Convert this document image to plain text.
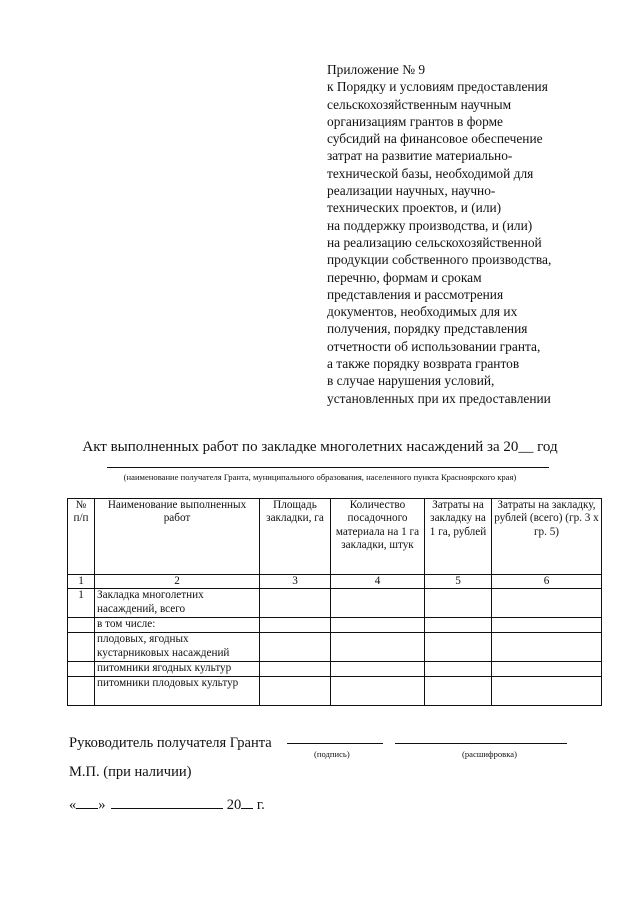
Приложение № 9
к Порядку и условиям предоставления
сельскохозяйственным научным
организациям грантов в форме
субсидий на финансовое обеспечение
затрат на развитие материально-
технической базы, необходимой для
реализации научных, научно-
технических проектов, и (или)
на поддержку производства, и (или)
на реализацию сельскохозяйственной
продукции собственного производства,
перечню, формам и срокам
представления и рассмотрения
документов, необходимых для их
получения, порядку представления
отчетности об использовании гранта,
а также порядку возврата грантов
в случае нарушения условий,
установленных при их предоставлении
Акт выполненных работ по закладке многолетних насаждений за 20__ год
(наименование получателя Гранта, муниципального образования, населенного пункта Красноярского края)
№ п/п	Наименование выполненных работ	Площадь закладки, га	Количество посадочного материала на 1 га закладки, штук	Затраты на закладку на 1 га, рублей	Затраты на закладку, рублей (всего) (гр. 3 x гр. 5)
1	2	3	4	5	6
1	Закладка многолетних насаждений, всего				
	в том числе:				
	плодовых, ягодных кустарниковых насаждений				
	питомники ягодных культур				
	питомники плодовых культур				
Руководитель получателя Гранта
(подпись)	(расшифровка)
М.П. (при наличии)
« »	20 г.
